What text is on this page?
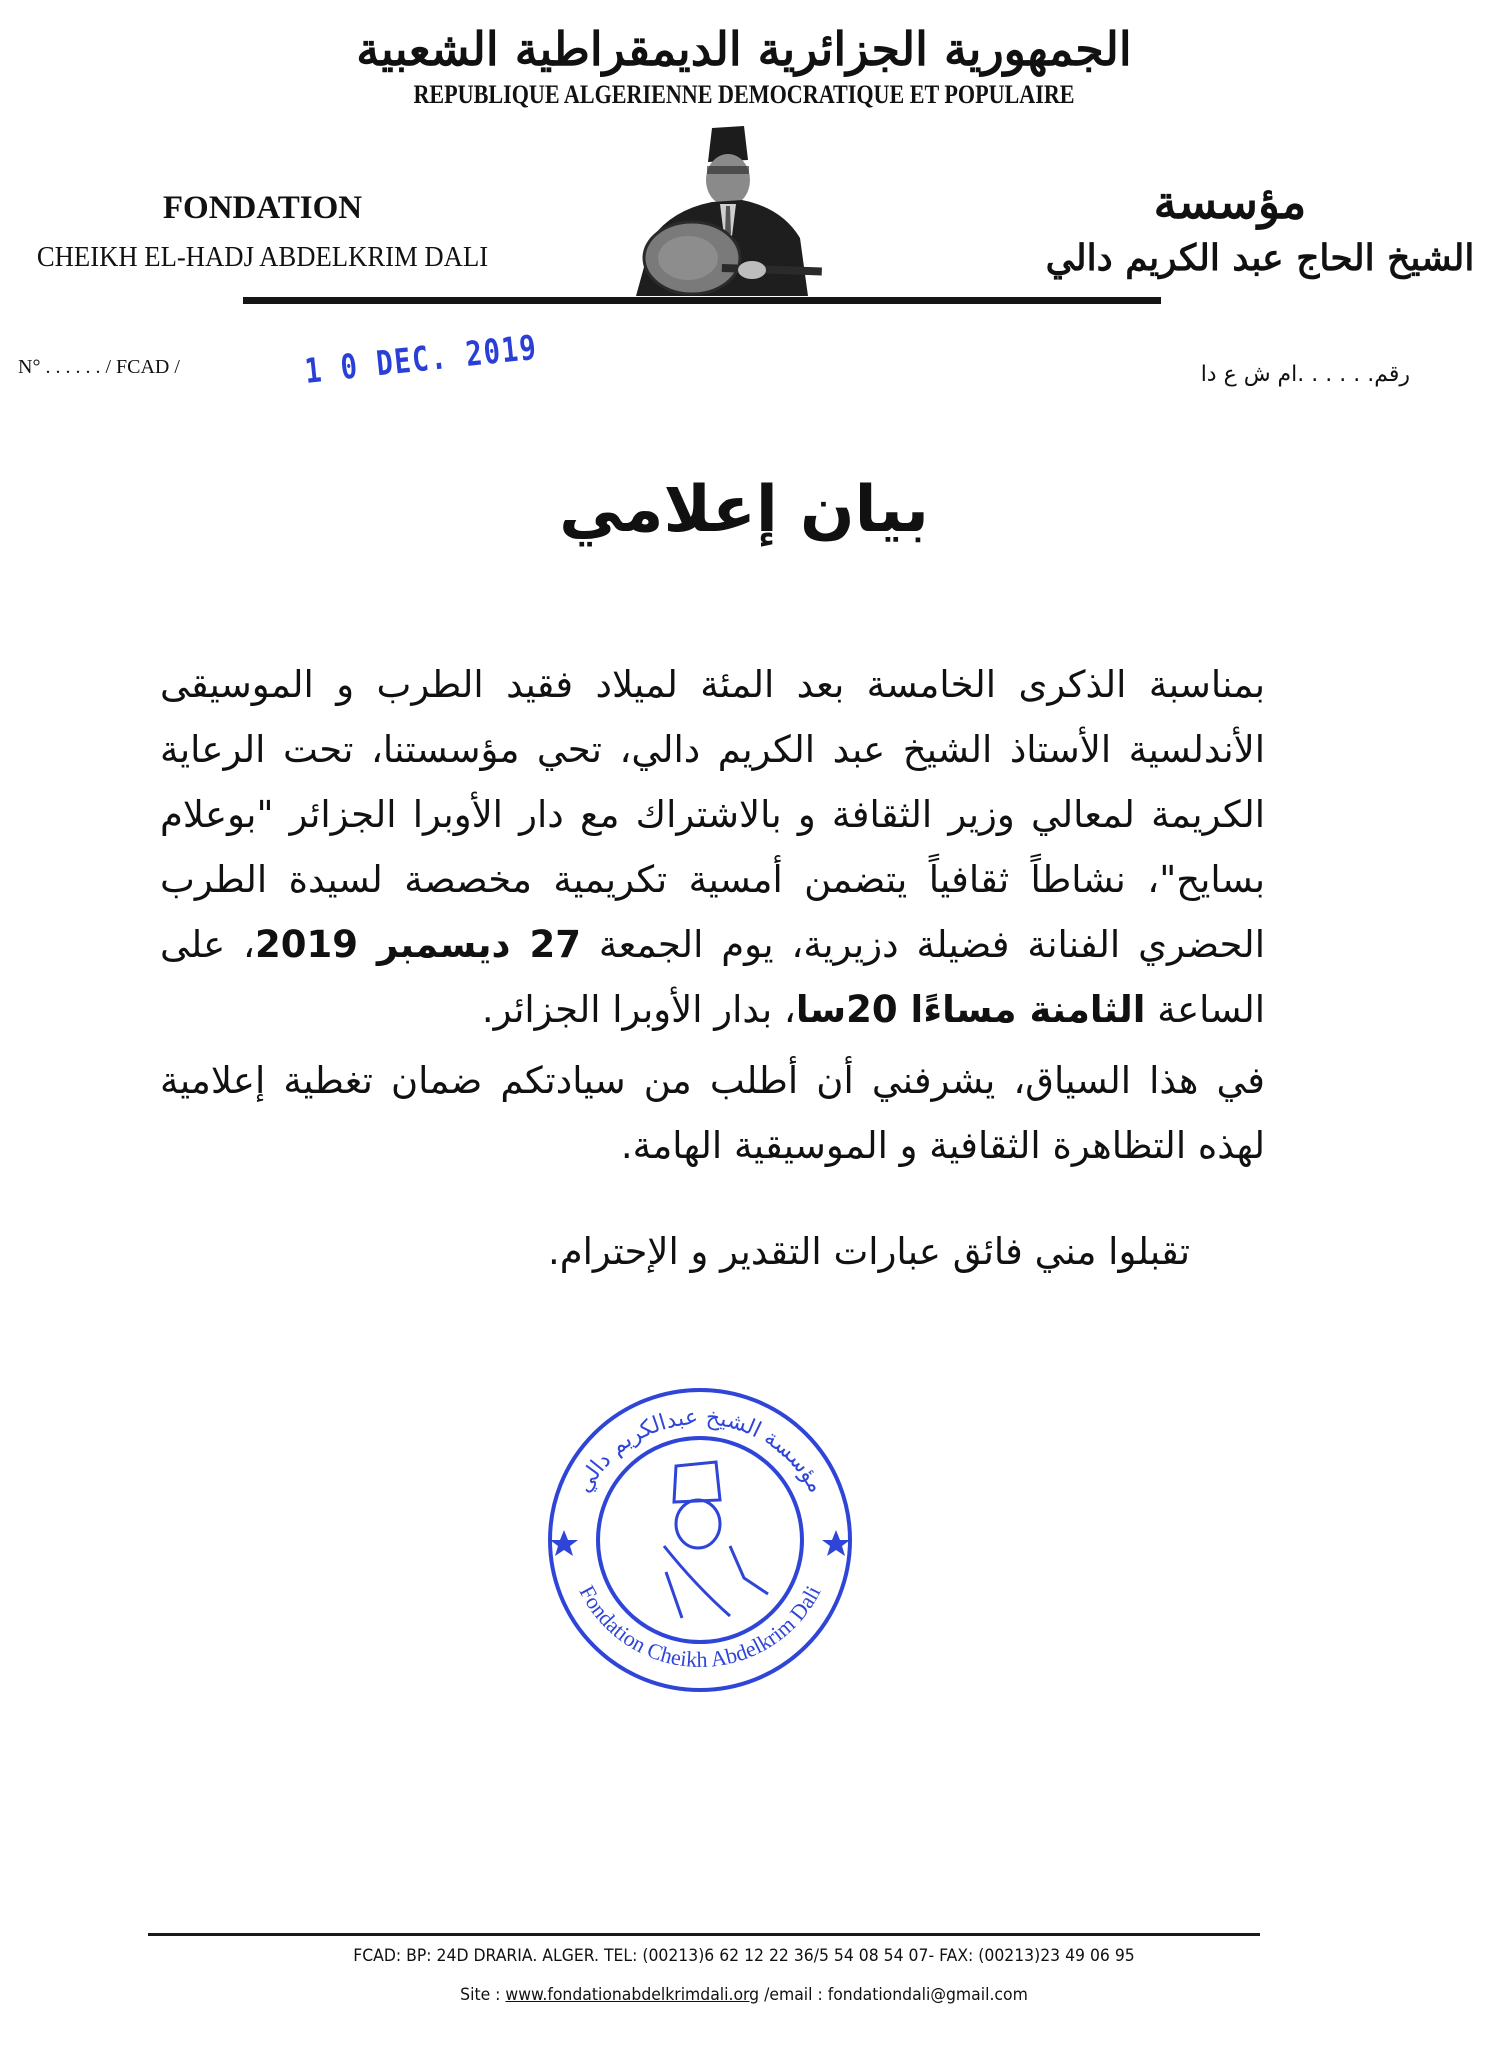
الجمهورية الجزائرية الديمقراطية الشعبية
REPUBLIQUE ALGERIENNE DEMOCRATIQUE ET POPULAIRE
FONDATION
CHEIKH EL-HADJ ABDELKRIM DALI
مؤسسة
الشيخ الحاج عبد الكريم دالي
N° . . . . . . / FCAD /	1 0 DEC. 2019	رقم. . . . . .ام ش ع دا
بيان إعلامي
بمناسبة الذكرى الخامسة بعد المئة لميلاد فقيد الطرب و الموسيقى الأندلسية الأستاذ الشيخ عبد الكريم دالي، تحي مؤسستنا، تحت الرعاية الكريمة لمعالي وزير الثقافة و بالاشتراك مع دار الأوبرا الجزائر "بوعلام بسايح"، نشاطاً ثقافياً يتضمن أمسية تكريمية مخصصة لسيدة الطرب الحضري الفنانة فضيلة دزيرية، يوم الجمعة 27 ديسمبر 2019، على الساعة الثامنة مساءًا 20سا، بدار الأوبرا الجزائر.
في هذا السياق، يشرفني أن أطلب من سيادتكم ضمان تغطية إعلامية لهذه التظاهرة الثقافية و الموسيقية الهامة.
تقبلوا مني فائق عبارات التقدير و الإحترام.
مؤسسة الشيخ عبدالكريم دالي
Fondation Cheikh Abdelkrim Dali
FCAD: BP: 24D DRARIA. ALGER. TEL: (00213)6 62 12 22 36/5 54 08 54 07- FAX: (00213)23 49 06 95
Site : www.fondationabdelkrimdali.org /email : fondationdali@gmail.com
